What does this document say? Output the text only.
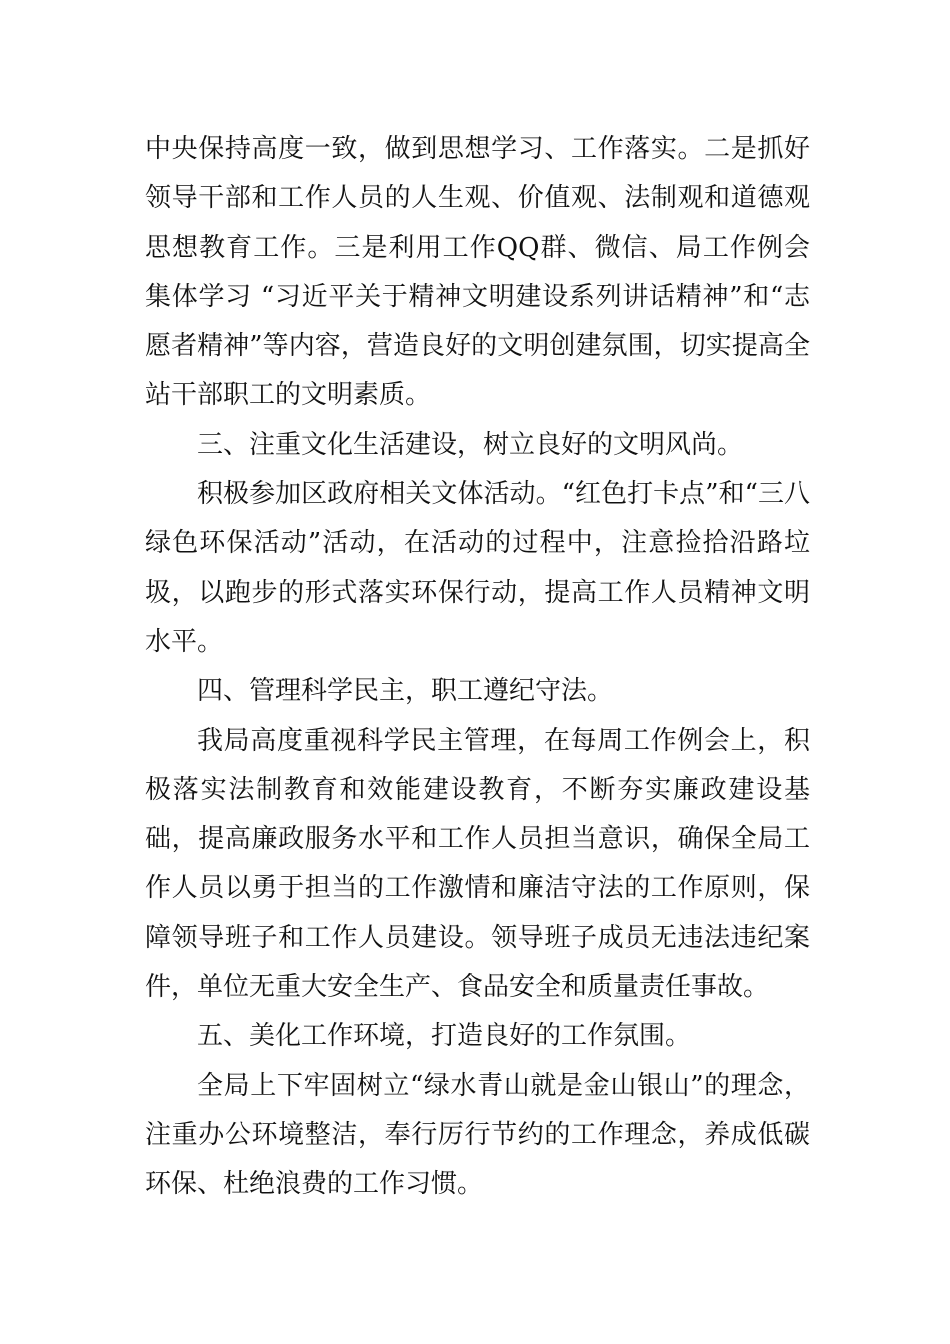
中央保持高度一致，做到思想学习、工作落实。二是抓好领导干部和工作人员的人生观、价值观、法制观和道德观思想教育工作。三是利用工作QQ群、微信、局工作例会集体学习 “习近平关于精神文明建设系列讲话精神”和“志愿者精神”等内容，营造良好的文明创建氛围，切实提高全站干部职工的文明素质。

三、注重文化生活建设，树立良好的文明风尚。

积极参加区政府相关文体活动。“红色打卡点”和“三八绿色环保活动”活动，在活动的过程中，注意捡拾沿路垃圾，以跑步的形式落实环保行动，提高工作人员精神文明水平。

四、管理科学民主，职工遵纪守法。

我局高度重视科学民主管理，在每周工作例会上，积极落实法制教育和效能建设教育，不断夯实廉政建设基础，提高廉政服务水平和工作人员担当意识，确保全局工作人员以勇于担当的工作激情和廉洁守法的工作原则，保障领导班子和工作人员建设。领导班子成员无违法违纪案件，单位无重大安全生产、食品安全和质量责任事故。

五、美化工作环境，打造良好的工作氛围。

全局上下牢固树立“绿水青山就是金山银山”的理念，注重办公环境整洁，奉行厉行节约的工作理念，养成低碳环保、杜绝浪费的工作习惯。
